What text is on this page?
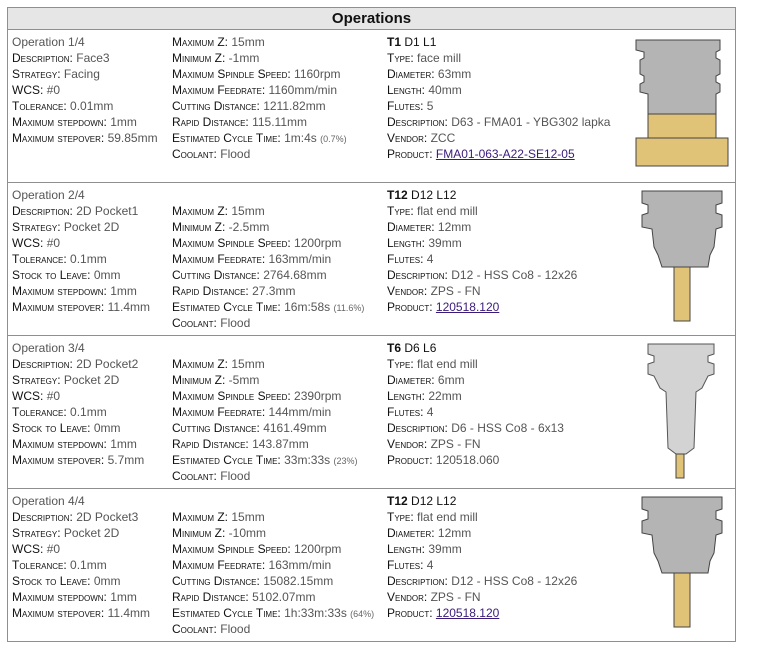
Operations
Operation 1/4
Description: Face3
Strategy: Facing
WCS: #0
Tolerance: 0.01mm
Maximum stepdown: 1mm
Maximum stepover: 59.85mm
Maximum Z: 15mm
Minimum Z: -1mm
Maximum Spindle Speed: 1160rpm
Maximum Feedrate: 1160mm/min
Cutting Distance: 1211.82mm
Rapid Distance: 115.11mm
Estimated Cycle Time: 1m:4s (0.7%)
Coolant: Flood
T1 D1 L1
Type: face mill
Diameter: 63mm
Length: 40mm
Flutes: 5
Description: D63 - FMA01 - YBG302 lapka
Vendor: ZCC
Product: FMA01-063-A22-SE12-05
Operation 2/4
Description: 2D Pocket1
Strategy: Pocket 2D
WCS: #0
Tolerance: 0.1mm
Stock to Leave: 0mm
Maximum stepdown: 1mm
Maximum stepover: 11.4mm
Maximum Z: 15mm
Minimum Z: -2.5mm
Maximum Spindle Speed: 1200rpm
Maximum Feedrate: 163mm/min
Cutting Distance: 2764.68mm
Rapid Distance: 27.3mm
Estimated Cycle Time: 16m:58s (11.6%)
Coolant: Flood
T12 D12 L12
Type: flat end mill
Diameter: 12mm
Length: 39mm
Flutes: 4
Description: D12 - HSS Co8 - 12x26
Vendor: ZPS - FN
Product: 120518.120
Operation 3/4
Description: 2D Pocket2
Strategy: Pocket 2D
WCS: #0
Tolerance: 0.1mm
Stock to Leave: 0mm
Maximum stepdown: 1mm
Maximum stepover: 5.7mm
Maximum Z: 15mm
Minimum Z: -5mm
Maximum Spindle Speed: 2390rpm
Maximum Feedrate: 144mm/min
Cutting Distance: 4161.49mm
Rapid Distance: 143.87mm
Estimated Cycle Time: 33m:33s (23%)
Coolant: Flood
T6 D6 L6
Type: flat end mill
Diameter: 6mm
Length: 22mm
Flutes: 4
Description: D6 - HSS Co8 - 6x13
Vendor: ZPS - FN
Product: 120518.060
Operation 4/4
Description: 2D Pocket3
Strategy: Pocket 2D
WCS: #0
Tolerance: 0.1mm
Stock to Leave: 0mm
Maximum stepdown: 1mm
Maximum stepover: 11.4mm
Maximum Z: 15mm
Minimum Z: -10mm
Maximum Spindle Speed: 1200rpm
Maximum Feedrate: 163mm/min
Cutting Distance: 15082.15mm
Rapid Distance: 5102.07mm
Estimated Cycle Time: 1h:33m:33s (64%)
Coolant: Flood
T12 D12 L12
Type: flat end mill
Diameter: 12mm
Length: 39mm
Flutes: 4
Description: D12 - HSS Co8 - 12x26
Vendor: ZPS - FN
Product: 120518.120
